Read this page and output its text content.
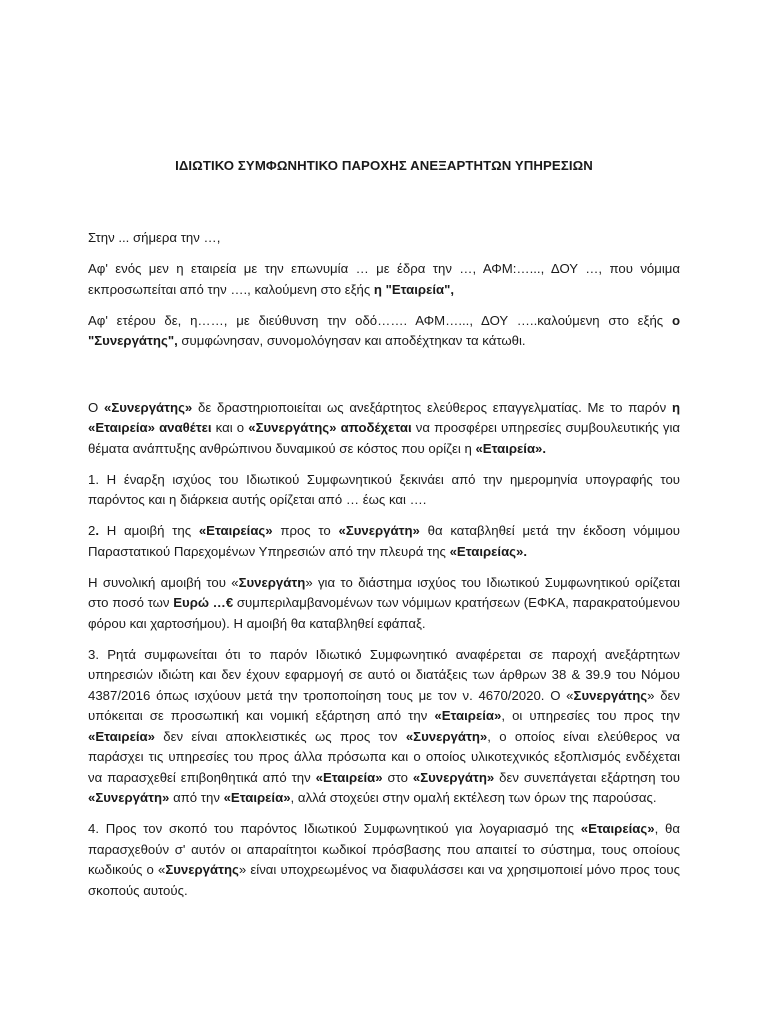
ΙΔΙΩΤΙΚΟ ΣΥΜΦΩΝΗΤΙΚΟ ΠΑΡΟΧΗΣ ΑΝΕΞΑΡΤΗΤΩΝ ΥΠΗΡΕΣΙΩΝ

Στην ... σήμερα την …,

Αφ' ενός μεν η εταιρεία με την επωνυμία … με έδρα την …, ΑΦΜ:…..., ΔΟΥ …, που νόμιμα εκπροσωπείται από την …., καλούμενη στο εξής η "Εταιρεία",

Αφ' ετέρου δε, η……, με διεύθυνση την οδό……. ΑΦΜ…..., ΔΟΥ …..καλούμενη στο εξής ο "Συνεργάτης", συμφώνησαν, συνομολόγησαν και αποδέχτηκαν τα κάτωθι.

Ο «Συνεργάτης» δε δραστηριοποιείται ως ανεξάρτητος ελεύθερος επαγγελματίας. Με το παρόν η «Εταιρεία» αναθέτει και ο «Συνεργάτης» αποδέχεται να προσφέρει υπηρεσίες συμβουλευτικής για θέματα ανάπτυξης ανθρώπινου δυναμικού σε κόστος που ορίζει η «Εταιρεία».

1. Η έναρξη ισχύος του Ιδιωτικού Συμφωνητικού ξεκινάει από την ημερομηνία υπογραφής του παρόντος και η διάρκεια αυτής ορίζεται από … έως και ….

2. Η αμοιβή της «Εταιρείας» προς το «Συνεργάτη» θα καταβληθεί μετά την έκδοση νόμιμου Παραστατικού Παρεχομένων Υπηρεσιών από την πλευρά της «Εταιρείας».

Η συνολική αμοιβή του «Συνεργάτη» για το διάστημα ισχύος του Ιδιωτικού Συμφωνητικού ορίζεται στο ποσό των Ευρώ …€ συμπεριλαμβανομένων των νόμιμων κρατήσεων (ΕΦΚΑ, παρακρατούμενου φόρου και χαρτοσήμου). Η αμοιβή θα καταβληθεί εφάπαξ.

3. Ρητά συμφωνείται ότι το παρόν Ιδιωτικό Συμφωνητικό αναφέρεται σε παροχή ανεξάρτητων υπηρεσιών ιδιώτη και δεν έχουν εφαρμογή σε αυτό οι διατάξεις των άρθρων 38 & 39.9 του Νόμου 4387/2016 όπως ισχύουν μετά την τροποποίηση τους με τον ν. 4670/2020. Ο «Συνεργάτης» δεν υπόκειται σε προσωπική και νομική εξάρτηση από την «Εταιρεία», οι υπηρεσίες του προς την «Εταιρεία» δεν είναι αποκλειστικές ως προς τον «Συνεργάτη», ο οποίος είναι ελεύθερος να παράσχει τις υπηρεσίες του προς άλλα πρόσωπα και ο οποίος υλικοτεχνικός εξοπλισμός ενδέχεται να παρασχεθεί επιβοηθητικά από την «Εταιρεία» στο «Συνεργάτη» δεν συνεπάγεται εξάρτηση του «Συνεργάτη» από την «Εταιρεία», αλλά στοχεύει στην ομαλή εκτέλεση των όρων της παρούσας.

4. Προς τον σκοπό του παρόντος Ιδιωτικού Συμφωνητικού για λογαριασμό της «Εταιρείας», θα παρασχεθούν σ' αυτόν οι απαραίτητοι κωδικοί πρόσβασης που απαιτεί το σύστημα, τους οποίους κωδικούς ο «Συνεργάτης» είναι υποχρεωμένος να διαφυλάσσει και να χρησιμοποιεί μόνο προς τους σκοπούς αυτούς.
